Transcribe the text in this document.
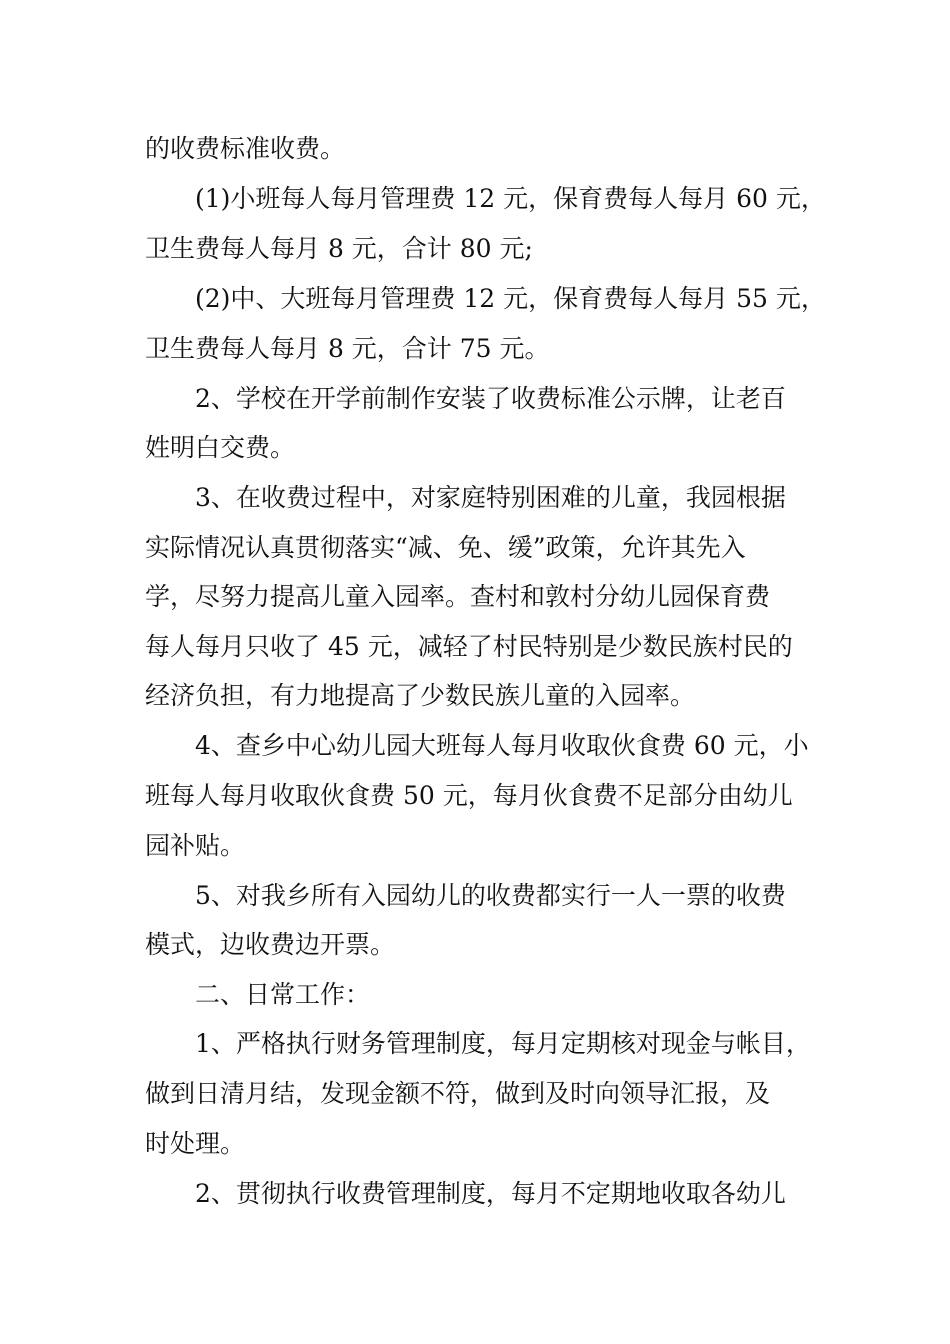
的收费标准收费。
(1)小班每人每月管理费 12 元，保育费每人每月 60 元，
卫生费每人每月 8 元，合计 80 元;
(2)中、大班每月管理费 12 元，保育费每人每月 55 元，
卫生费每人每月 8 元，合计 75 元。
2、学校在开学前制作安装了收费标准公示牌，让老百
姓明白交费。
3、在收费过程中，对家庭特别困难的儿童，我园根据
实际情况认真贯彻落实“减、免、缓”政策，允许其先入
学，尽努力提高儿童入园率。查村和敦村分幼儿园保育费
每人每月只收了 45 元，减轻了村民特别是少数民族村民的
经济负担，有力地提高了少数民族儿童的入园率。
4、查乡中心幼儿园大班每人每月收取伙食费 60 元，小
班每人每月收取伙食费 50 元，每月伙食费不足部分由幼儿
园补贴。
5、对我乡所有入园幼儿的收费都实行一人一票的收费
模式，边收费边开票。
二、日常工作：
1、严格执行财务管理制度，每月定期核对现金与帐目，
做到日清月结，发现金额不符，做到及时向领导汇报，及
时处理。
2、贯彻执行收费管理制度，每月不定期地收取各幼儿
